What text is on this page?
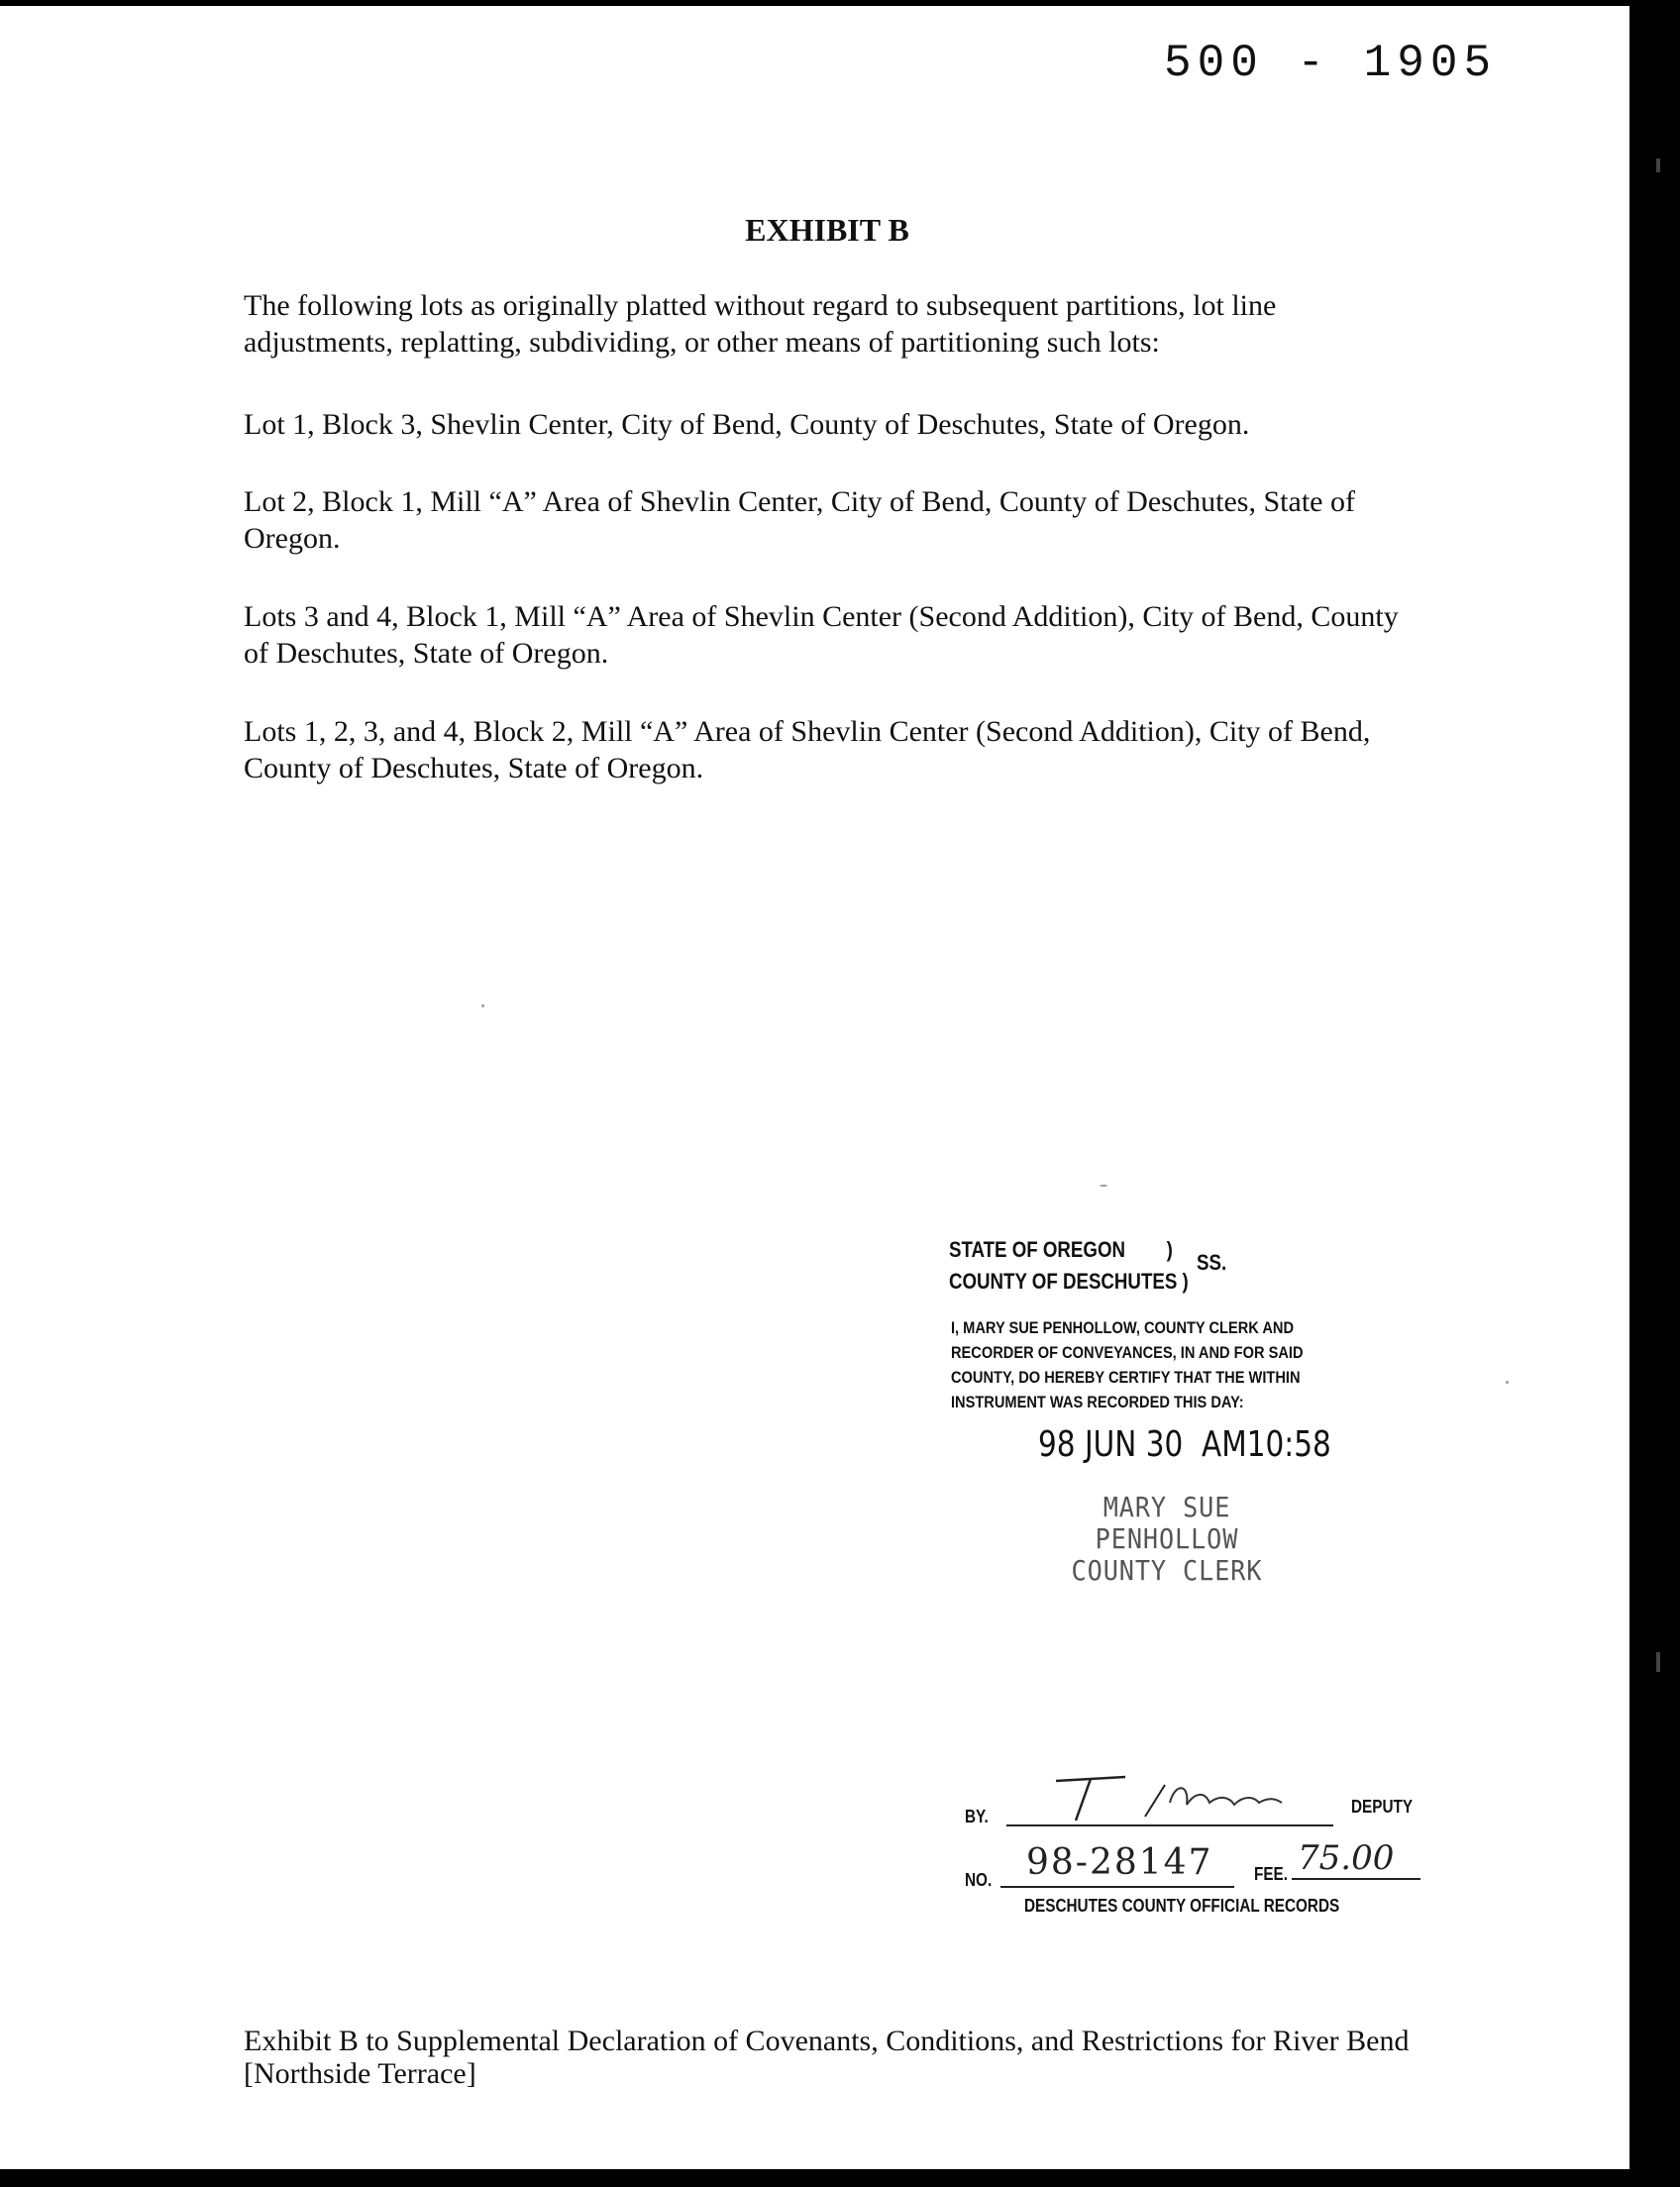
500 - 1905
EXHIBIT B

The following lots as originally platted without regard to subsequent partitions, lot line adjustments, replatting, subdividing, or other means of partitioning such lots:

Lot 1, Block 3, Shevlin Center, City of Bend, County of Deschutes, State of Oregon.

Lot 2, Block 1, Mill “A” Area of Shevlin Center, City of Bend, County of Deschutes, State of Oregon.

Lots 3 and 4, Block 1, Mill “A” Area of Shevlin Center (Second Addition), City of Bend, County of Deschutes, State of Oregon.

Lots 1, 2, 3, and 4, Block 2, Mill “A” Area of Shevlin Center (Second Addition), City of Bend, County of Deschutes, State of Oregon.

STATE OF OREGON        )
COUNTY OF DESCHUTES )
SS.
I, MARY SUE PENHOLLOW, COUNTY CLERK AND
RECORDER OF CONVEYANCES, IN AND FOR SAID
COUNTY, DO HEREBY CERTIFY THAT THE WITHIN
INSTRUMENT WAS RECORDED THIS DAY:
98 JUN 30  AM10:58
MARY SUE PENHOLLOW
COUNTY CLERK
BY.	DEPUTY
NO. 98-28147 FEE. 75.00
DESCHUTES COUNTY OFFICIAL RECORDS

Exhibit B to Supplemental Declaration of Covenants, Conditions, and Restrictions for River Bend [Northside Terrace]
